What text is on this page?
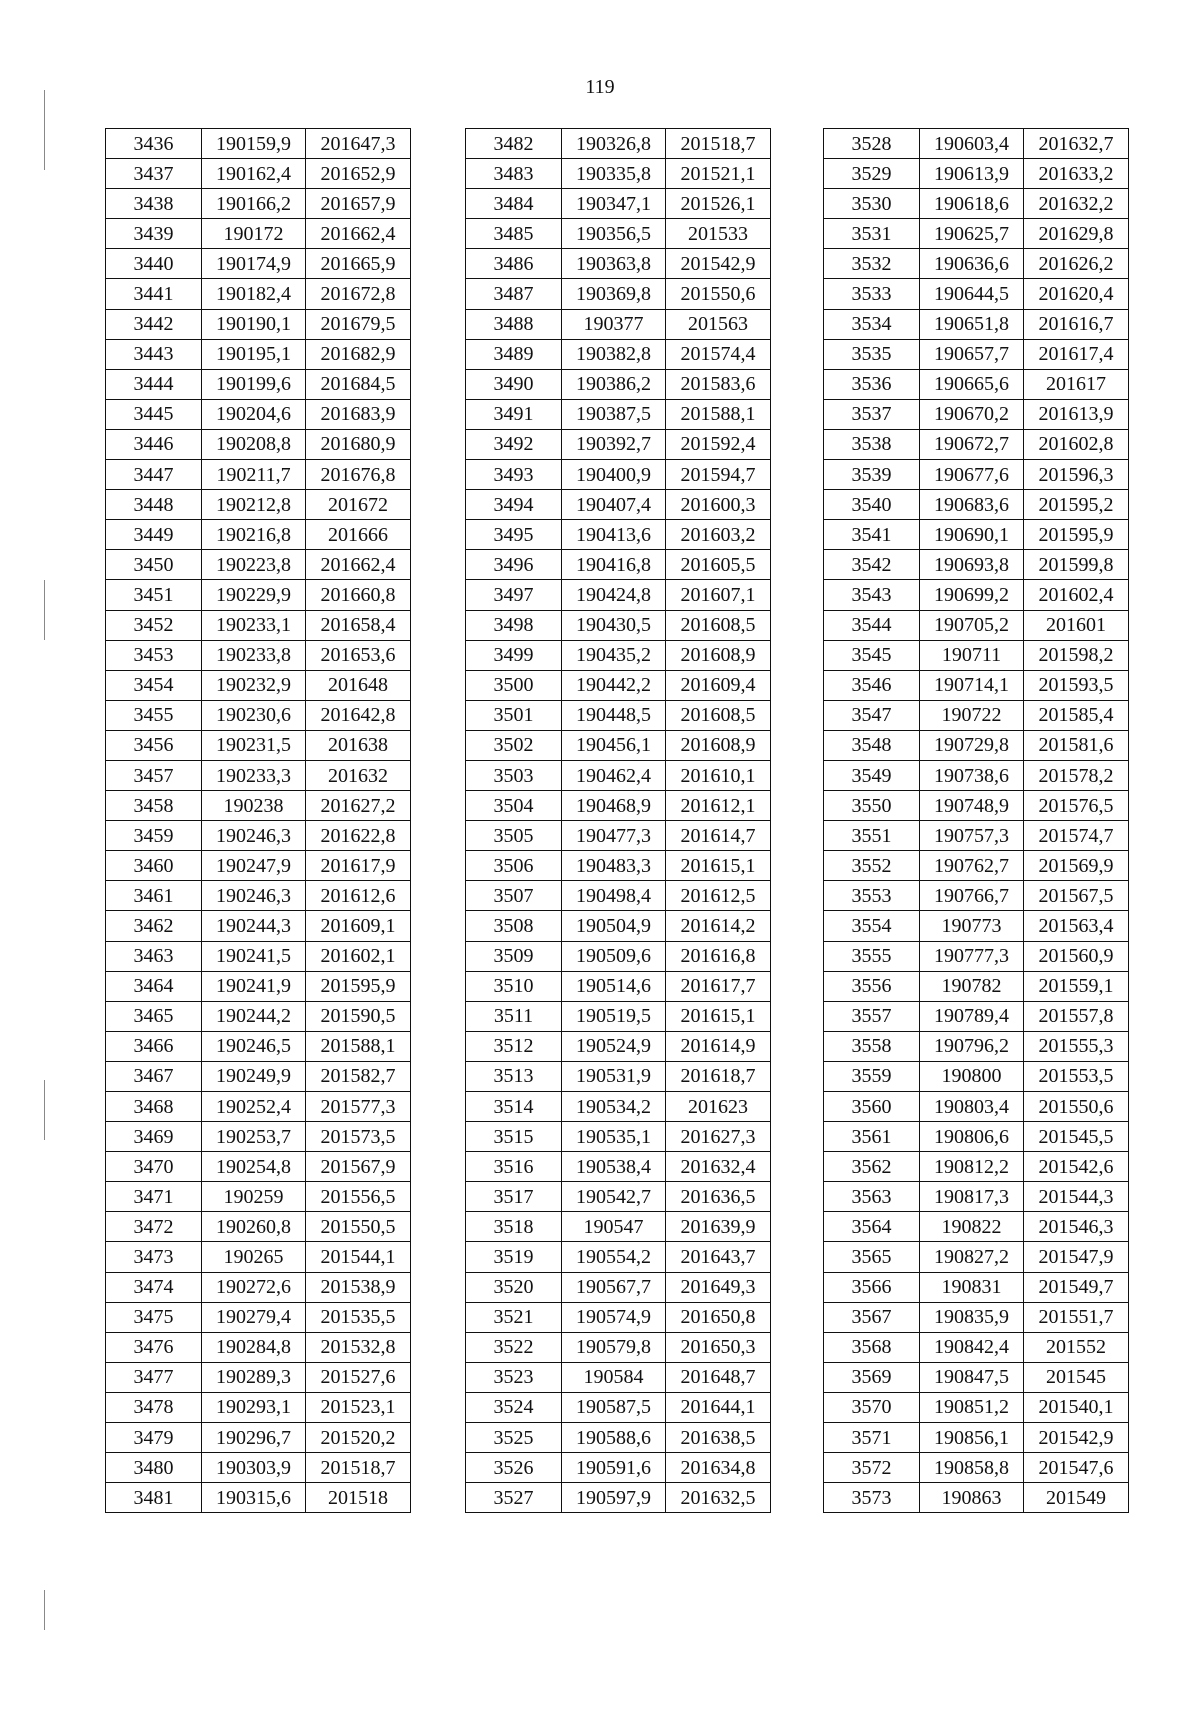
119
3436	190159,9	201647,3
3437	190162,4	201652,9
3438	190166,2	201657,9
3439	190172	201662,4
3440	190174,9	201665,9
3441	190182,4	201672,8
3442	190190,1	201679,5
3443	190195,1	201682,9
3444	190199,6	201684,5
3445	190204,6	201683,9
3446	190208,8	201680,9
3447	190211,7	201676,8
3448	190212,8	201672
3449	190216,8	201666
3450	190223,8	201662,4
3451	190229,9	201660,8
3452	190233,1	201658,4
3453	190233,8	201653,6
3454	190232,9	201648
3455	190230,6	201642,8
3456	190231,5	201638
3457	190233,3	201632
3458	190238	201627,2
3459	190246,3	201622,8
3460	190247,9	201617,9
3461	190246,3	201612,6
3462	190244,3	201609,1
3463	190241,5	201602,1
3464	190241,9	201595,9
3465	190244,2	201590,5
3466	190246,5	201588,1
3467	190249,9	201582,7
3468	190252,4	201577,3
3469	190253,7	201573,5
3470	190254,8	201567,9
3471	190259	201556,5
3472	190260,8	201550,5
3473	190265	201544,1
3474	190272,6	201538,9
3475	190279,4	201535,5
3476	190284,8	201532,8
3477	190289,3	201527,6
3478	190293,1	201523,1
3479	190296,7	201520,2
3480	190303,9	201518,7
3481	190315,6	201518
3482	190326,8	201518,7
3483	190335,8	201521,1
3484	190347,1	201526,1
3485	190356,5	201533
3486	190363,8	201542,9
3487	190369,8	201550,6
3488	190377	201563
3489	190382,8	201574,4
3490	190386,2	201583,6
3491	190387,5	201588,1
3492	190392,7	201592,4
3493	190400,9	201594,7
3494	190407,4	201600,3
3495	190413,6	201603,2
3496	190416,8	201605,5
3497	190424,8	201607,1
3498	190430,5	201608,5
3499	190435,2	201608,9
3500	190442,2	201609,4
3501	190448,5	201608,5
3502	190456,1	201608,9
3503	190462,4	201610,1
3504	190468,9	201612,1
3505	190477,3	201614,7
3506	190483,3	201615,1
3507	190498,4	201612,5
3508	190504,9	201614,2
3509	190509,6	201616,8
3510	190514,6	201617,7
3511	190519,5	201615,1
3512	190524,9	201614,9
3513	190531,9	201618,7
3514	190534,2	201623
3515	190535,1	201627,3
3516	190538,4	201632,4
3517	190542,7	201636,5
3518	190547	201639,9
3519	190554,2	201643,7
3520	190567,7	201649,3
3521	190574,9	201650,8
3522	190579,8	201650,3
3523	190584	201648,7
3524	190587,5	201644,1
3525	190588,6	201638,5
3526	190591,6	201634,8
3527	190597,9	201632,5
3528	190603,4	201632,7
3529	190613,9	201633,2
3530	190618,6	201632,2
3531	190625,7	201629,8
3532	190636,6	201626,2
3533	190644,5	201620,4
3534	190651,8	201616,7
3535	190657,7	201617,4
3536	190665,6	201617
3537	190670,2	201613,9
3538	190672,7	201602,8
3539	190677,6	201596,3
3540	190683,6	201595,2
3541	190690,1	201595,9
3542	190693,8	201599,8
3543	190699,2	201602,4
3544	190705,2	201601
3545	190711	201598,2
3546	190714,1	201593,5
3547	190722	201585,4
3548	190729,8	201581,6
3549	190738,6	201578,2
3550	190748,9	201576,5
3551	190757,3	201574,7
3552	190762,7	201569,9
3553	190766,7	201567,5
3554	190773	201563,4
3555	190777,3	201560,9
3556	190782	201559,1
3557	190789,4	201557,8
3558	190796,2	201555,3
3559	190800	201553,5
3560	190803,4	201550,6
3561	190806,6	201545,5
3562	190812,2	201542,6
3563	190817,3	201544,3
3564	190822	201546,3
3565	190827,2	201547,9
3566	190831	201549,7
3567	190835,9	201551,7
3568	190842,4	201552
3569	190847,5	201545
3570	190851,2	201540,1
3571	190856,1	201542,9
3572	190858,8	201547,6
3573	190863	201549
